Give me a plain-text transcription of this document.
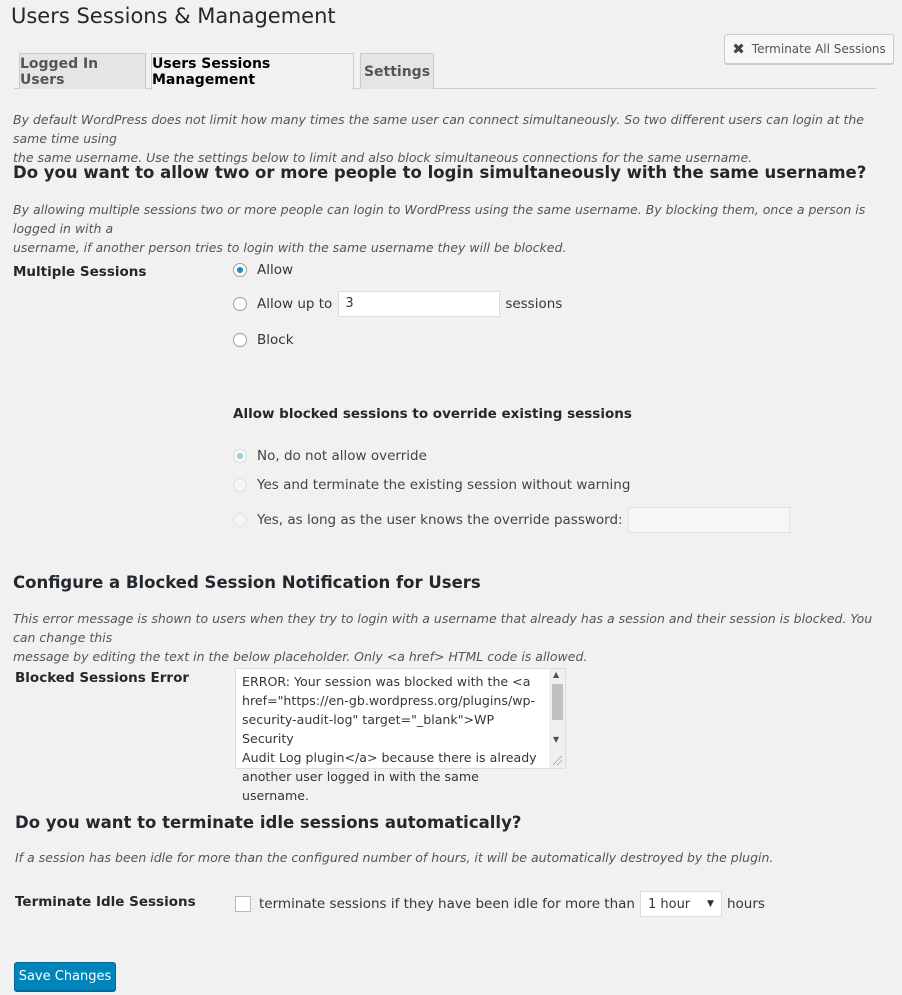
Users Sessions & Management
✖ Terminate All Sessions
Logged In Users
Users Sessions Management
Settings
By default WordPress does not limit how many times the same user can connect simultaneously. So two different users can login at the same time using
the same username. Use the settings below to limit and also block simultaneous connections for the same username.
Do you want to allow two or more people to login simultaneously with the same username?
By allowing multiple sessions two or more people can login to WordPress using the same username. By blocking them, once a person is logged in with a
username, if another person tries to login with the same username they will be blocked.
Multiple Sessions	Allow
Allow up to	3	sessions
Block
Allow blocked sessions to override existing sessions
No, do not allow override
Yes and terminate the existing session without warning
Yes, as long as the user knows the override password:
Configure a Blocked Session Notification for Users
This error message is shown to users when they try to login with a username that already has a session and their session is blocked. You can change this
message by editing the text in the below placeholder. Only <a href> HTML code is allowed.
Blocked Sessions Error	ERROR: Your session was blocked with the <a
href="https://en-gb.wordpress.org/plugins/wp-
security-audit-log" target="_blank">WP Security
Audit Log plugin</a> because there is already
another user logged in with the same username.
▲
▼
Do you want to terminate idle sessions automatically?
If a session has been idle for more than the configured number of hours, it will be automatically destroyed by the plugin.
Terminate Idle Sessions	terminate sessions if they have been idle for more than 1 hour ▼ hours
Save Changes
